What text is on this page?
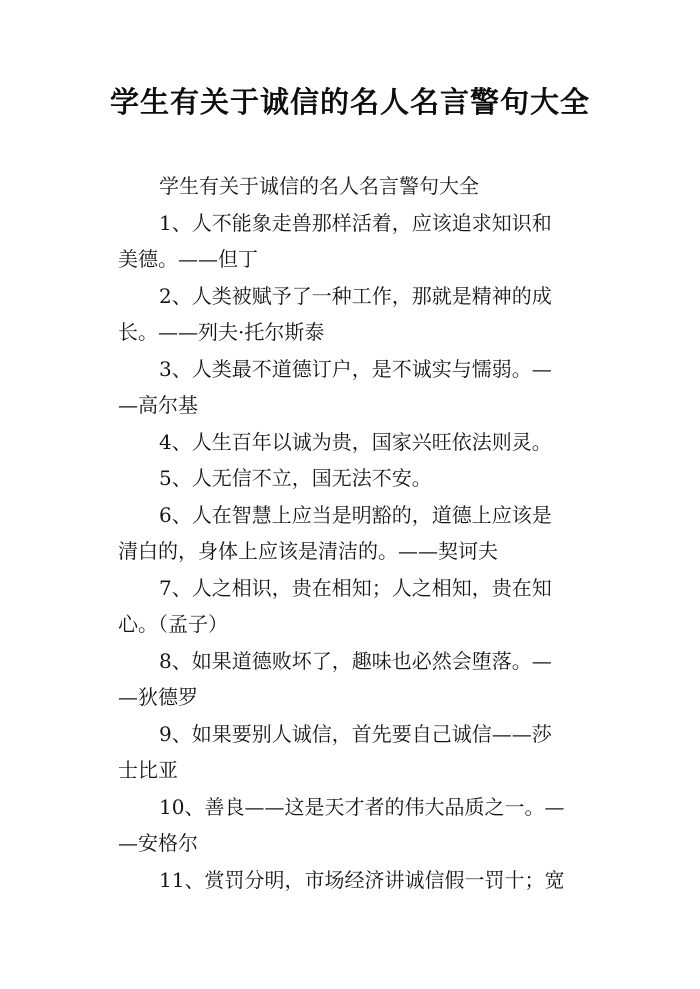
学生有关于诚信的名人名言警句大全

学生有关于诚信的名人名言警句大全

1、人不能象走兽那样活着，应该追求知识和
美德。——但丁

2、人类被赋予了一种工作，那就是精神的成
长。——列夫·托尔斯泰

3、人类最不道德订户，是不诚实与懦弱。—
—高尔基

4、人生百年以诚为贵，国家兴旺依法则灵。

5、人无信不立，国无法不安。

6、人在智慧上应当是明豁的，道德上应该是
清白的，身体上应该是清洁的。——契诃夫

7、人之相识，贵在相知；人之相知，贵在知
心。（孟子）

8、如果道德败坏了，趣味也必然会堕落。—
—狄德罗

9、如果要别人诚信，首先要自己诚信——莎
士比亚

10、善良——这是天才者的伟大品质之一。—
—安格尔

11、赏罚分明，市场经济讲诚信假一罚十；宽
